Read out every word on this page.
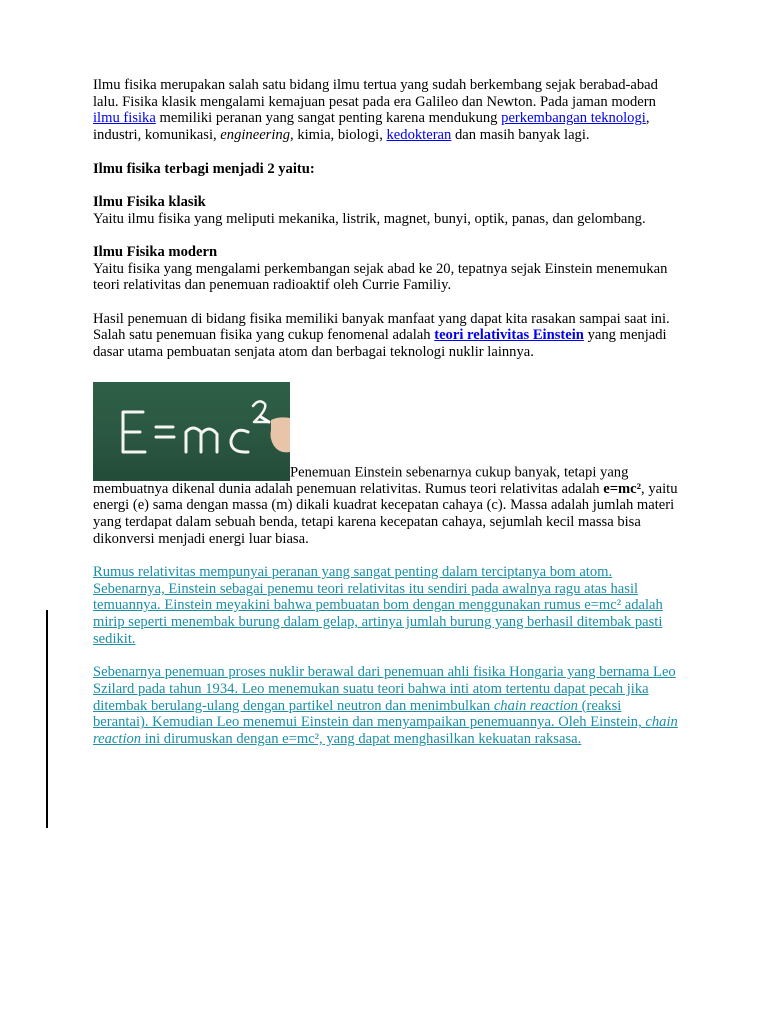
Ilmu fisika merupakan salah satu bidang ilmu tertua yang sudah berkembang sejak berabad-abad lalu. Fisika klasik mengalami kemajuan pesat pada era Galileo dan Newton. Pada jaman modern ilmu fisika memiliki peranan yang sangat penting karena mendukung perkembangan teknologi, industri, komunikasi, engineering, kimia, biologi, kedokteran dan masih banyak lagi.

Ilmu fisika terbagi menjadi 2 yaitu:

Ilmu Fisika klasik
Yaitu ilmu fisika yang meliputi mekanika, listrik, magnet, bunyi, optik, panas, dan gelombang.

Ilmu Fisika modern
Yaitu fisika yang mengalami perkembangan sejak abad ke 20, tepatnya sejak Einstein menemukan teori relativitas dan penemuan radioaktif oleh Currie Familiy.

Hasil penemuan di bidang fisika memiliki banyak manfaat yang dapat kita rasakan sampai saat ini. Salah satu penemuan fisika yang cukup fenomenal adalah teori relativitas Einstein yang menjadi dasar utama pembuatan senjata atom dan berbagai teknologi nuklir lainnya.

Penemuan Einstein sebenarnya cukup banyak, tetapi yang membuatnya dikenal dunia adalah penemuan relativitas. Rumus teori relativitas adalah e=mc², yaitu energi (e) sama dengan massa (m) dikali kuadrat kecepatan cahaya (c). Massa adalah jumlah materi yang terdapat dalam sebuah benda, tetapi karena kecepatan cahaya, sejumlah kecil massa bisa dikonversi menjadi energi luar biasa.

Rumus relativitas mempunyai peranan yang sangat penting dalam terciptanya bom atom. Sebenarnya, Einstein sebagai penemu teori relativitas itu sendiri pada awalnya ragu atas hasil temuannya. Einstein meyakini bahwa pembuatan bom dengan menggunakan rumus e=mc² adalah mirip seperti menembak burung dalam gelap, artinya jumlah burung yang berhasil ditembak pasti sedikit.

Sebenarnya penemuan proses nuklir berawal dari penemuan ahli fisika Hongaria yang bernama Leo Szilard pada tahun 1934. Leo menemukan suatu teori bahwa inti atom tertentu dapat pecah jika ditembak berulang-ulang dengan partikel neutron dan menimbulkan chain reaction (reaksi berantai). Kemudian Leo menemui Einstein dan menyampaikan penemuannya. Oleh Einstein, chain reaction ini dirumuskan dengan e=mc², yang dapat menghasilkan kekuatan raksasa.
